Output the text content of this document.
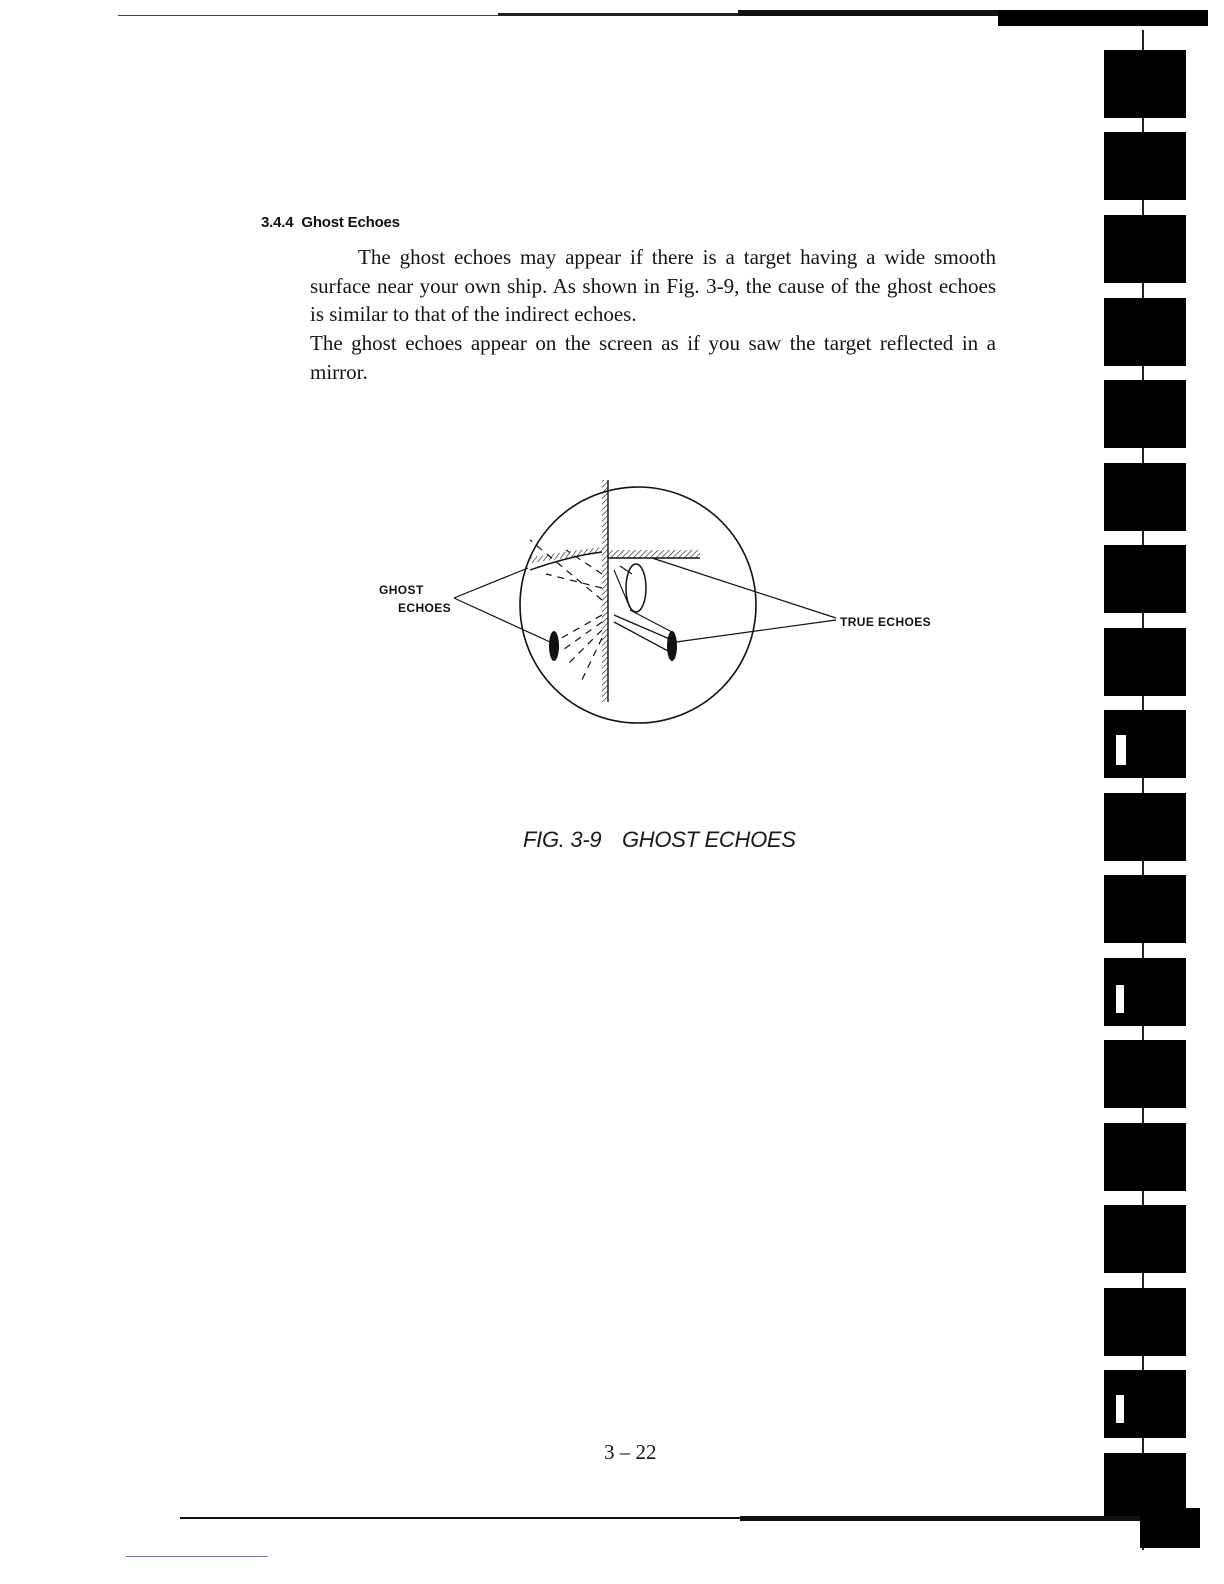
3.4.4 Ghost Echoes
The ghost echoes may appear if there is a target having a wide smooth surface near your own ship. As shown in Fig. 3-9, the cause of the ghost echoes is similar to that of the indirect echoes.
The ghost echoes appear on the screen as if you saw the target reflected in a mirror.
GHOST
ECHOES
TRUE ECHOES
FIG. 3-9 GHOST ECHOES
3 – 22
